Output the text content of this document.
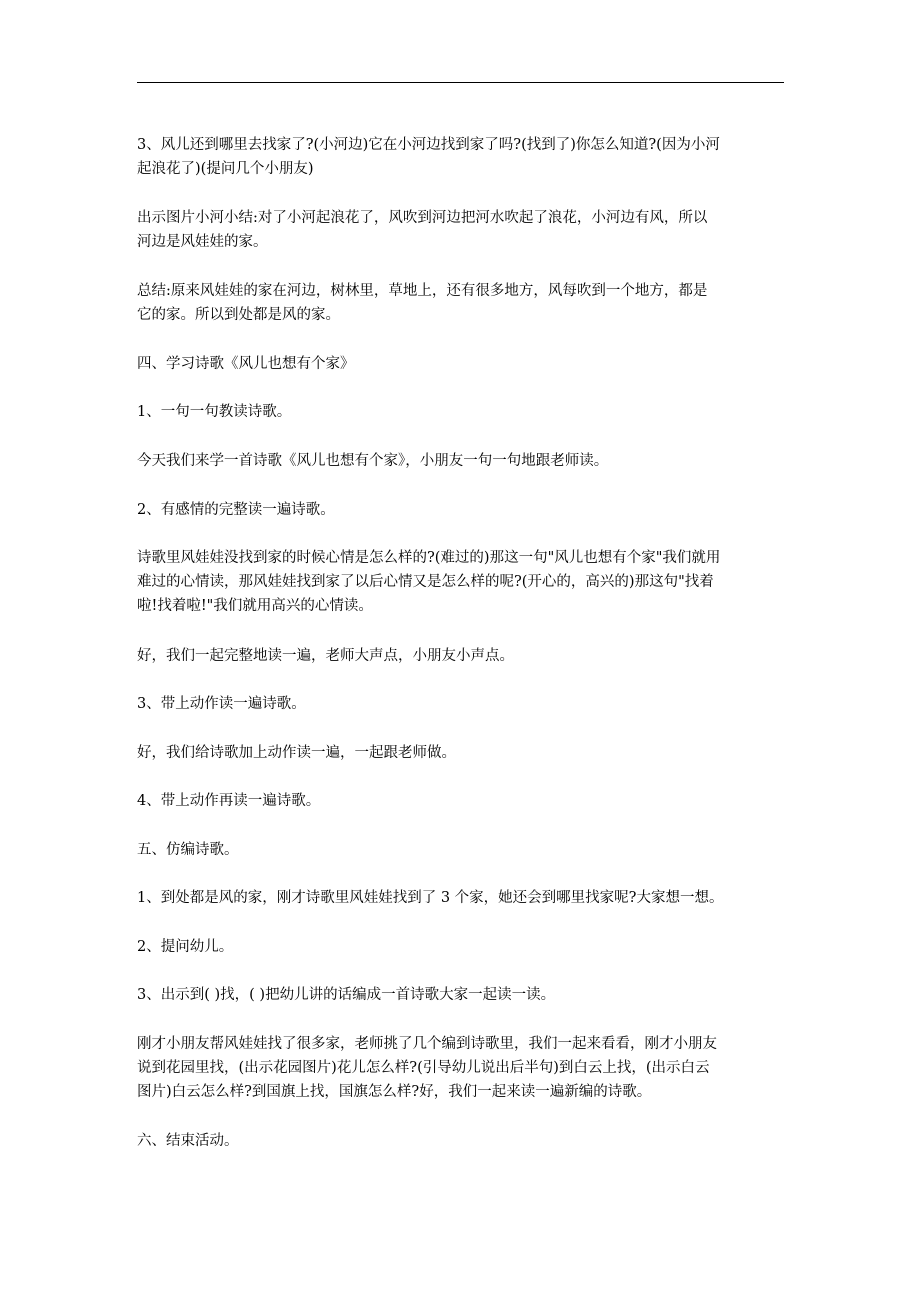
3、风儿还到哪里去找家了?(小河边)它在小河边找到家了吗?(找到了)你怎么知道?(因为小河
起浪花了)(提问几个小朋友)

出示图片小河小结:对了小河起浪花了，风吹到河边把河水吹起了浪花，小河边有风，所以
河边是风娃娃的家。

总结:原来风娃娃的家在河边，树林里，草地上，还有很多地方，风每吹到一个地方，都是
它的家。所以到处都是风的家。

四、学习诗歌《风儿也想有个家》

1、一句一句教读诗歌。

今天我们来学一首诗歌《风儿也想有个家》，小朋友一句一句地跟老师读。

2、有感情的完整读一遍诗歌。

诗歌里风娃娃没找到家的时候心情是怎么样的?(难过的)那这一句"风儿也想有个家"我们就用
难过的心情读，那风娃娃找到家了以后心情又是怎么样的呢?(开心的，高兴的)那这句"找着
啦!找着啦!"我们就用高兴的心情读。

好，我们一起完整地读一遍，老师大声点，小朋友小声点。

3、带上动作读一遍诗歌。

好，我们给诗歌加上动作读一遍，一起跟老师做。

4、带上动作再读一遍诗歌。

五、仿编诗歌。

1、到处都是风的家，刚才诗歌里风娃娃找到了 3 个家，她还会到哪里找家呢?大家想一想。

2、提问幼儿。

3、出示到( )找，( )把幼儿讲的话编成一首诗歌大家一起读一读。

刚才小朋友帮风娃娃找了很多家，老师挑了几个编到诗歌里，我们一起来看看，刚才小朋友
说到花园里找，(出示花园图片)花儿怎么样?(引导幼儿说出后半句)到白云上找，(出示白云
图片)白云怎么样?到国旗上找，国旗怎么样?好，我们一起来读一遍新编的诗歌。

六、结束活动。
